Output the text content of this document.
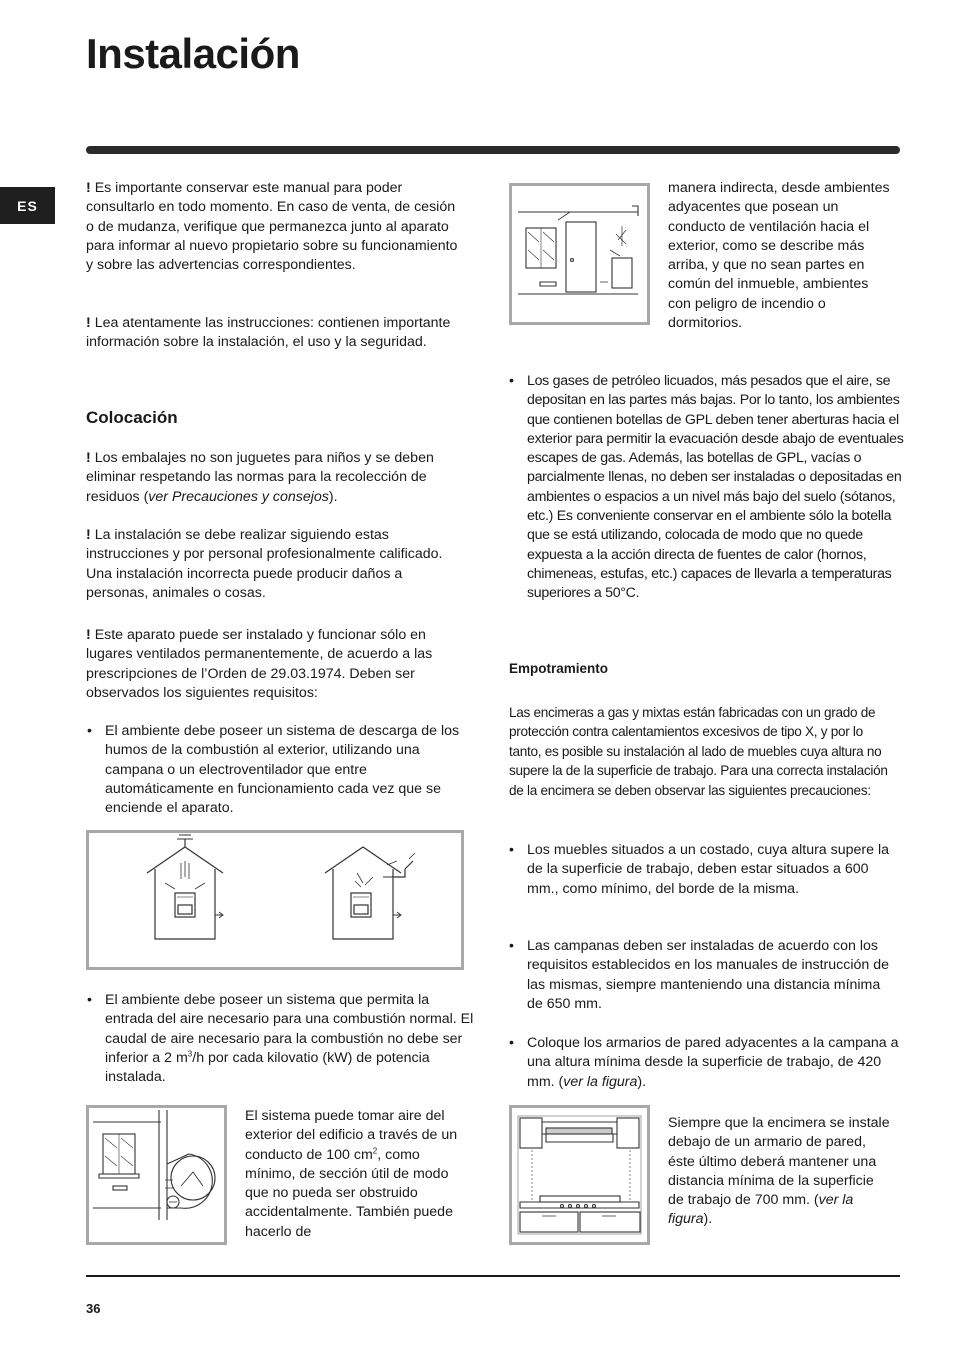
Instalación
ES

! Es importante conservar este manual para poder consultarlo en todo momento. En caso de venta, de cesión o de mudanza, verifique que permanezca junto al aparato para informar al nuevo propietario sobre su funcionamiento y sobre las advertencias correspondientes.

! Lea atentamente las instrucciones: contienen importante información sobre la instalación, el uso y la seguridad.

Colocación

! Los embalajes no son juguetes para niños y se deben eliminar respetando las normas para la recolección de residuos (ver Precauciones y consejos).

! La instalación se debe realizar siguiendo estas instrucciones y por personal profesionalmente calificado. Una instalación incorrecta puede producir daños a personas, animales o cosas.

! Este aparato puede ser instalado y funcionar sólo en lugares ventilados permanentemente, de acuerdo a las prescripciones de l’Orden de 29.03.1974. Deben ser observados los siguientes requisitos:

• El ambiente debe poseer un sistema de descarga de los humos de la combustión al exterior, utilizando una campana o un electroventilador que entre automáticamente en funcionamiento cada vez que se enciende el aparato.
• El ambiente debe poseer un sistema que permita la entrada del aire necesario para una combustión normal. El caudal de aire necesario para la combustión no debe ser inferior a 2 $m^3/h$ por cada kilovatio (kW) de potencia instalada.

El sistema puede tomar aire del exterior del edificio a través de un conducto de 100 $cm^2$, como mínimo, de sección útil de modo que no pueda ser obstruido accidentalmente. También puede hacerlo de

manera indirecta, desde ambientes adyacentes que posean un conducto de ventilación hacia el exterior, como se describe más arriba, y que no sean partes en común del inmueble, ambientes con peligro de incendio o dormitorios.

• Los gases de petróleo licuados, más pesados que el aire, se depositan en las partes más bajas. Por lo tanto, los ambientes que contienen botellas de GPL deben tener aberturas hacia el exterior para permitir la evacuación desde abajo de eventuales escapes de gas. Además, las botellas de GPL, vacías o parcialmente llenas, no deben ser instaladas o depositadas en ambientes o espacios a un nivel más bajo del suelo (sótanos, etc.) Es conveniente conservar en el ambiente sólo la botella que se está utilizando, colocada de modo que no quede expuesta a la acción directa de fuentes de calor (hornos, chimeneas, estufas, etc.) capaces de llevarla a temperaturas superiores a 50°C.
Empotramiento

Las encimeras a gas y mixtas están fabricadas con un grado de protección contra calentamientos excesivos de tipo X, y por lo tanto, es posible su instalación al lado de muebles cuya altura no supere la de la superficie de trabajo. Para una correcta instalación de la encimera se deben observar las siguientes precauciones:

• Los muebles situados a un costado, cuya altura supere la de la superficie de trabajo, deben estar situados a 600 mm., como mínimo, del borde de la misma.
• Las campanas deben ser instaladas de acuerdo con los requisitos establecidos en los manuales de instrucción de las mismas, siempre manteniendo una distancia mínima de 650 mm.
• Coloque los armarios de pared adyacentes a la campana a una altura mínima desde la superficie de trabajo, de 420 mm. (ver la figura).

Siempre que la encimera se instale debajo de un armario de pared, éste último deberá mantener una distancia mínima de la superficie de trabajo de 700 mm. (ver la figura).

36
